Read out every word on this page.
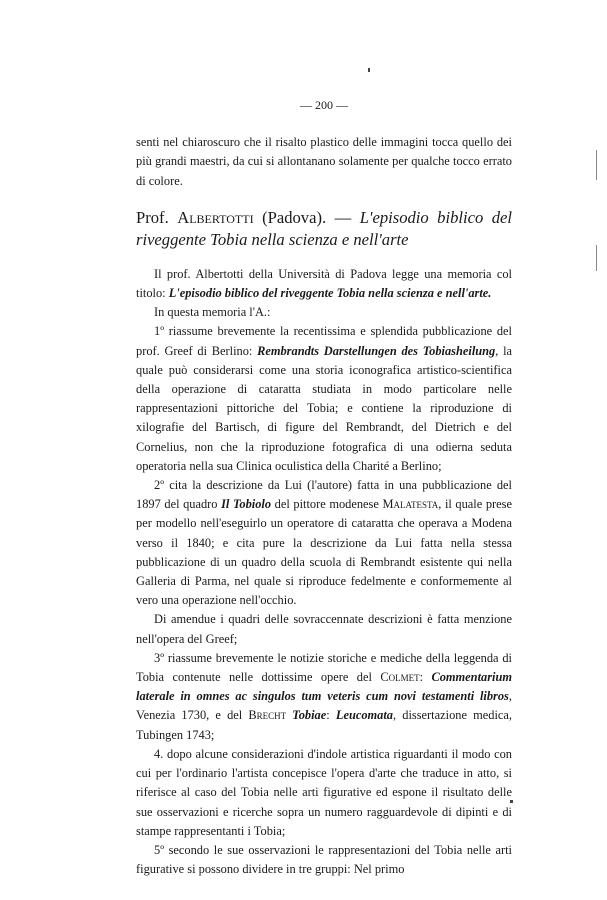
— 200 —

senti nel chiaroscuro che il risalto plastico delle immagini tocca quello dei più grandi maestri, da cui si allontanano solamente per qualche tocco errato di colore.

Prof. Albertotti (Padova). — L'episodio biblico del riveggente Tobia nella scienza e nell'arte

Il prof. Albertotti della Università di Padova legge una memoria col titolo: L'episodio biblico del riveggente Tobia nella scienza e nell'arte.

In questa memoria l'A.:

1º riassume brevemente la recentissima e splendida pubblicazione del prof. Greef di Berlino: Rembrandts Darstellungen des Tobiasheilung, la quale può considerarsi come una storia iconografica artistico-scientifica della operazione di cataratta studiata in modo particolare nelle rappresentazioni pittoriche del Tobia; e contiene la riproduzione di xilografie del Bartisch, di figure del Rembrandt, del Dietrich e del Cornelius, non che la riproduzione fotografica di una odierna seduta operatoria nella sua Clinica oculistica della Charité a Berlino;

2º cita la descrizione da Lui (l'autore) fatta in una pubblicazione del 1897 del quadro Il Tobiolo del pittore modenese Malatesta, il quale prese per modello nell'eseguirlo un operatore di cataratta che operava a Modena verso il 1840; e cita pure la descrizione da Lui fatta nella stessa pubblicazione di un quadro della scuola di Rembrandt esistente qui nella Galleria di Parma, nel quale si riproduce fedelmente e conformemente al vero una operazione nell'occhio.

Di amendue i quadri delle sovraccennate descrizioni è fatta menzione nell'opera del Greef;

3º riassume brevemente le notizie storiche e mediche della leggenda di Tobia contenute nelle dottissime opere del Colmet: Commentarium laterale in omnes ac singulos tum veteris cum novi testamenti libros, Venezia 1730, e del Brecht Tobiae: Leucomata, dissertazione medica, Tubingen 1743;

4. dopo alcune considerazioni d'indole artistica riguardanti il modo con cui per l'ordinario l'artista concepisce l'opera d'arte che traduce in atto, si riferisce al caso del Tobia nelle arti figurative ed espone il risultato delle sue osservazioni e ricerche sopra un numero ragguardevole di dipinti e di stampe rappresentanti i Tobia;

5º secondo le sue osservazioni le rappresentazioni del Tobia nelle arti figurative si possono dividere in tre gruppi: Nel primo
